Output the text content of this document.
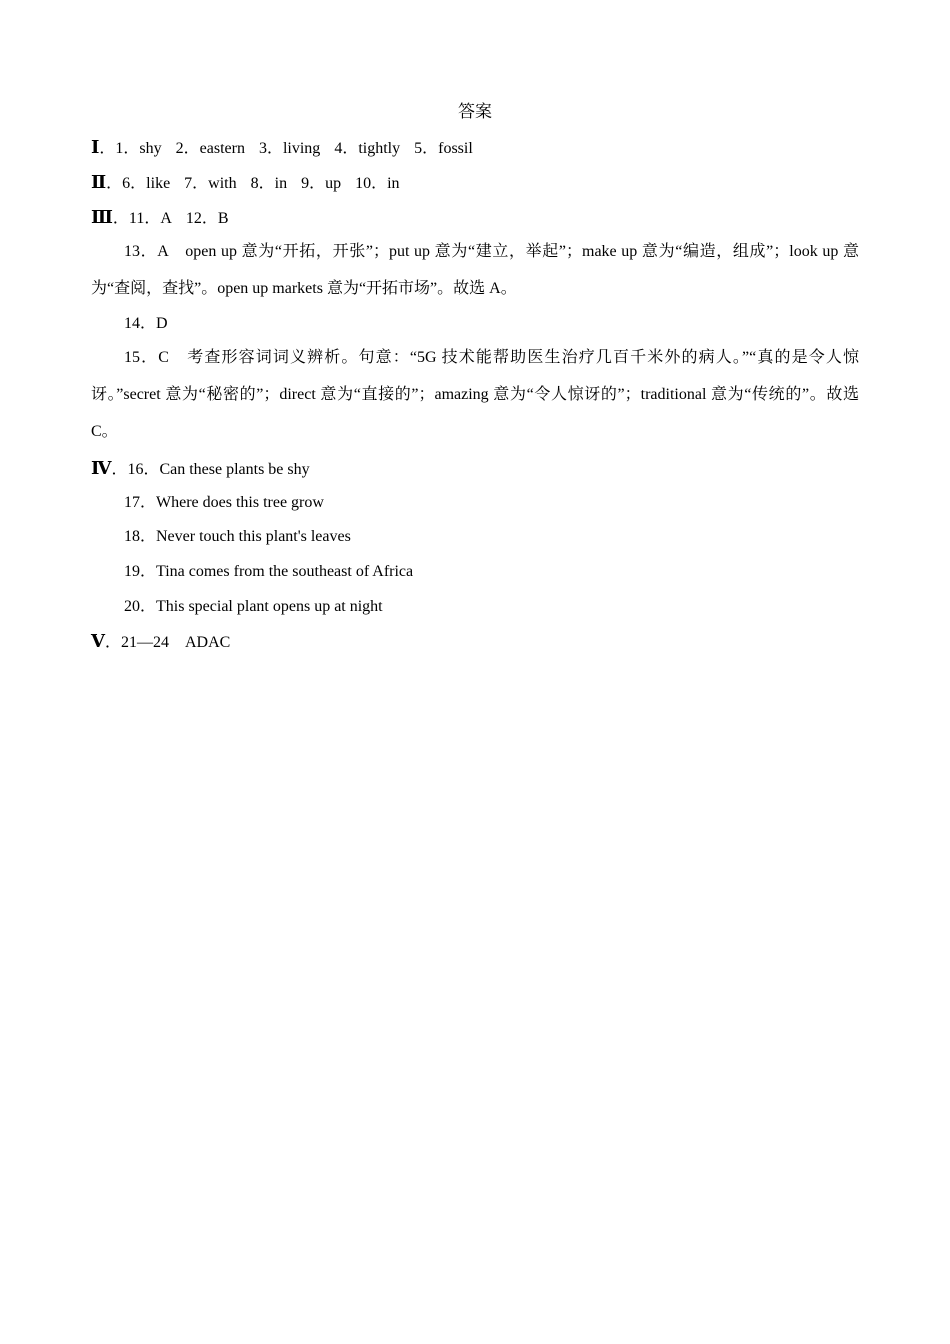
答案
Ⅰ．1．shy 2．eastern 3．living 4．tightly 5．fossil
Ⅱ．6．like 7．with 8．in 9．up 10．in
Ⅲ．11．A 12．B
13．A　open up 意为“开拓，开张”；put up 意为“建立，举起”；make up 意为“编造，组成”；look up 意为“查阅，查找”。open up markets 意为“开拓市场”。故选 A。
14．D
15．C　考查形容词词义辨析。句意：“5G 技术能帮助医生治疗几百千米外的病人。”“真的是令人惊讶。”secret 意为“秘密的”；direct 意为“直接的”；amazing 意为“令人惊讶的”；traditional 意为“传统的”。故选 C。
Ⅳ．16．Can these plants be shy
17．Where does this tree grow
18．Never touch this plant's leaves
19．Tina comes from the southeast of Africa
20．This special plant opens up at night
Ⅴ．21—24　ADAC
